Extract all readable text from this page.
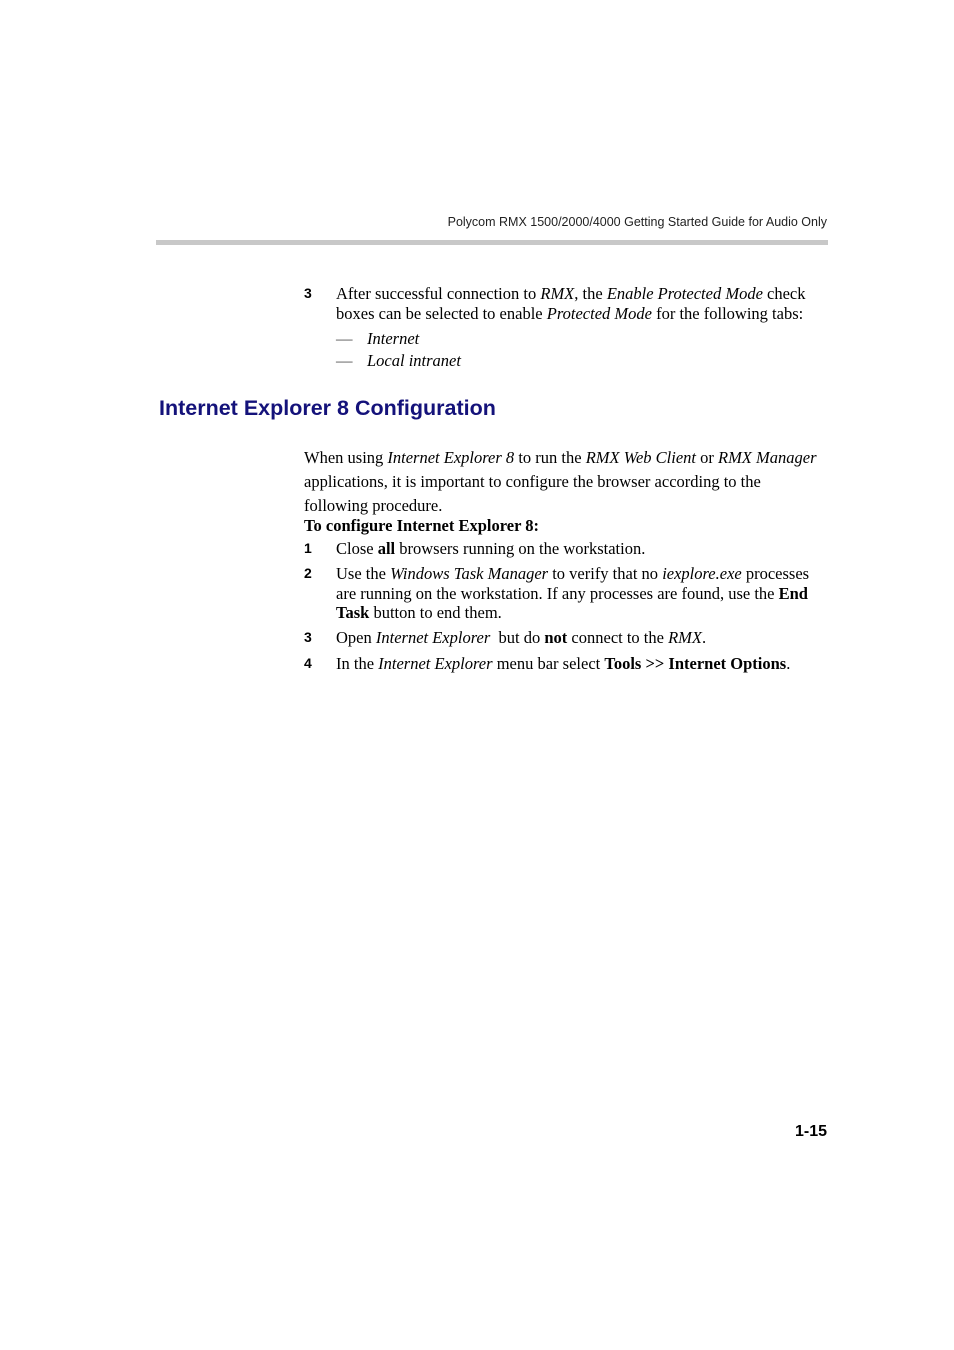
Polycom RMX 1500/2000/4000 Getting Started Guide for Audio Only
3 After successful connection to RMX, the Enable Protected Mode check boxes can be selected to enable Protected Mode for the following tabs:
— Internet
— Local intranet
Internet Explorer 8 Configuration
When using Internet Explorer 8 to run the RMX Web Client or RMX Manager applications, it is important to configure the browser according to the following procedure.
To configure Internet Explorer 8:
1 Close all browsers running on the workstation.
2 Use the Windows Task Manager to verify that no iexplore.exe processes are running on the workstation. If any processes are found, use the End Task button to end them.
3 Open Internet Explorer  but do not connect to the RMX.
4 In the Internet Explorer menu bar select Tools >> Internet Options.
1-15
